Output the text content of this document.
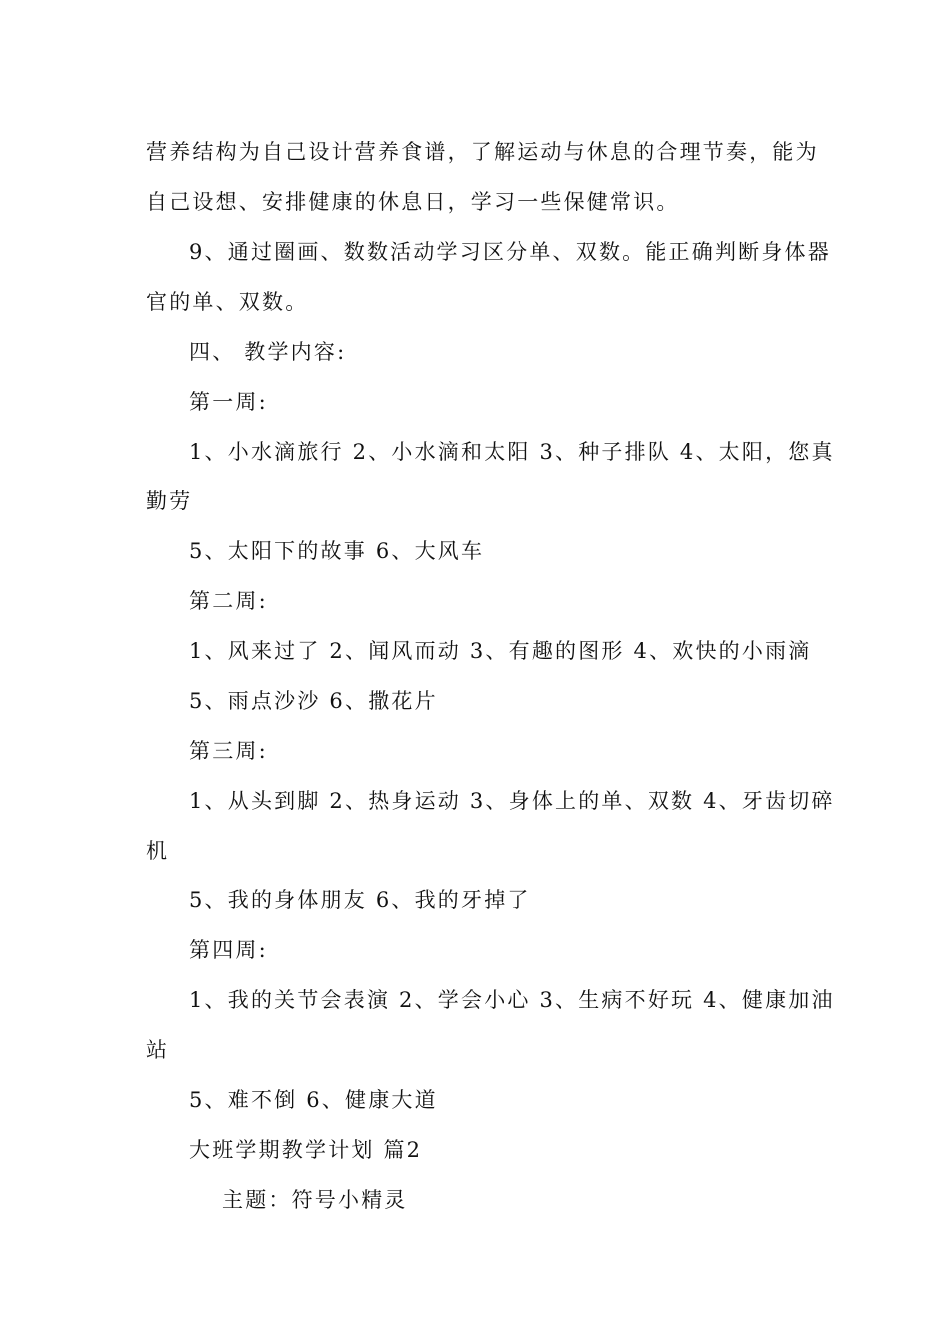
营养结构为自己设计营养食谱，了解运动与休息的合理节奏，能为
自己设想、安排健康的休息日，学习一些保健常识。
9、通过圈画、数数活动学习区分单、双数。能正确判断身体器
官的单、双数。
四、 教学内容:
第一周:
1、小水滴旅行 2、小水滴和太阳 3、种子排队 4、太阳，您真
勤劳
5、太阳下的故事 6、大风车
第二周:
1、风来过了 2、闻风而动 3、有趣的图形 4、欢快的小雨滴
5、雨点沙沙 6、撒花片
第三周:
1、从头到脚 2、热身运动 3、身体上的单、双数 4、牙齿切碎
机
5、我的身体朋友 6、我的牙掉了
第四周:
1、我的关节会表演 2、学会小心 3、生病不好玩 4、健康加油
站
5、难不倒 6、健康大道
大班学期教学计划 篇2
主题：符号小精灵
